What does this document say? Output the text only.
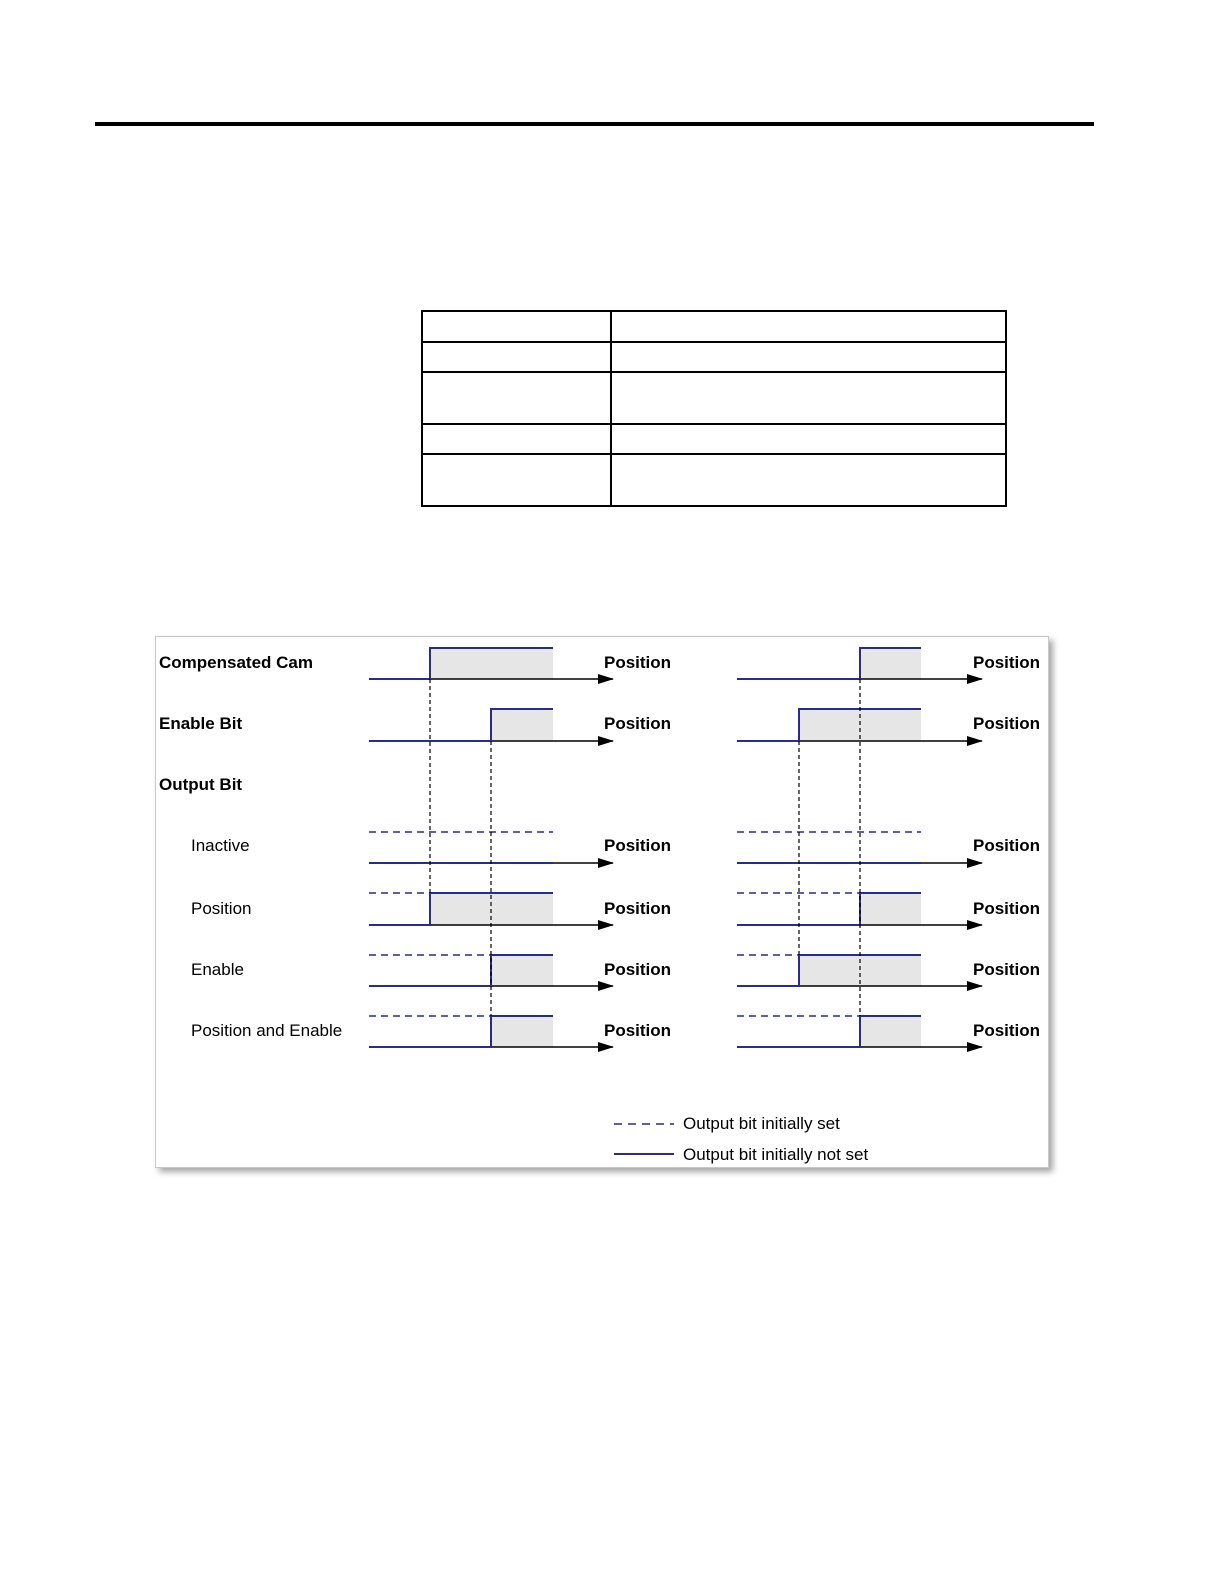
Compensated Cam
Enable Bit
Output Bit
Inactive
Position
Enable
Position and Enable
Position
Position
Position
Position
Position
Position
Position
Position
Position
Position
Position
Position
Output bit initially set
Output bit initially not set
